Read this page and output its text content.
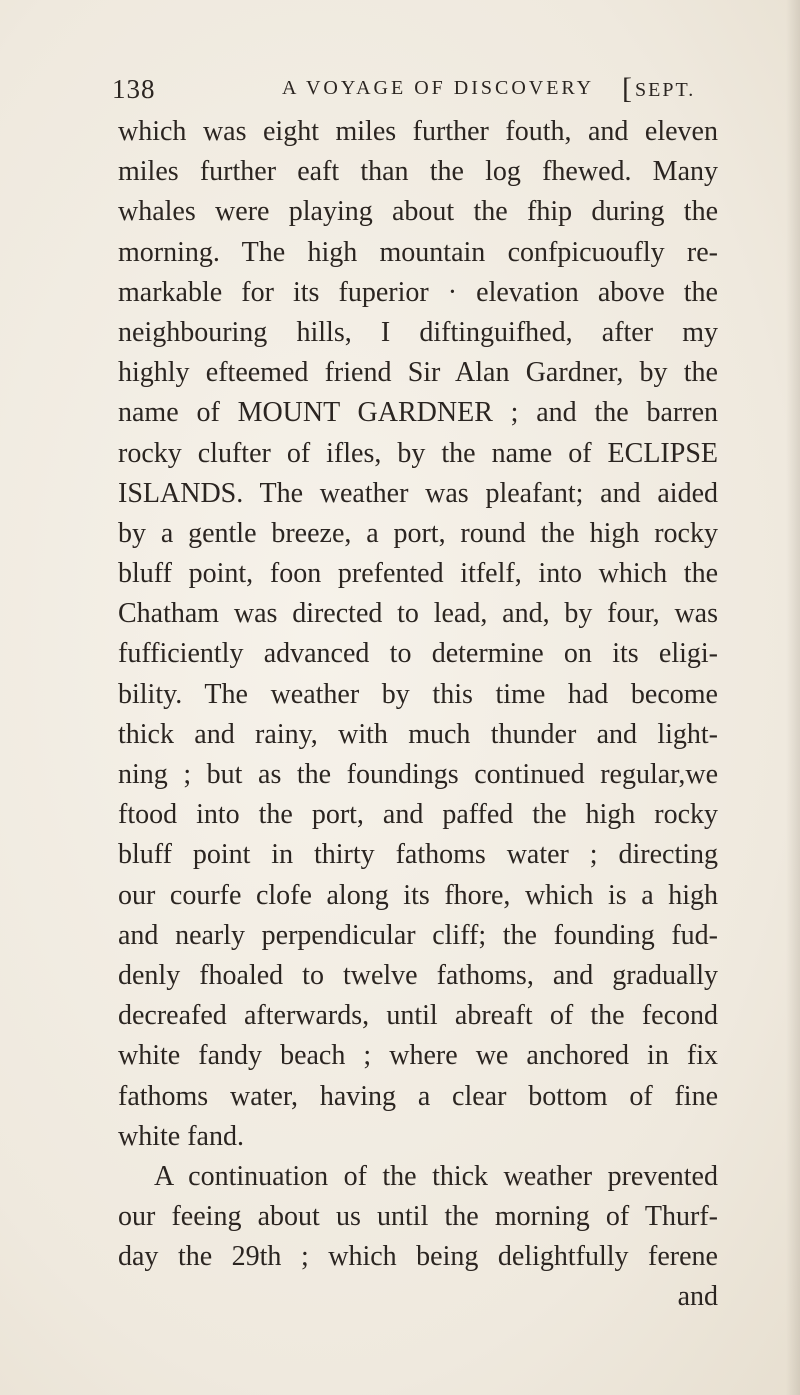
138	A VOYAGE OF DISCOVERY [ SEPT.
which was eight miles further fouth, and eleven
miles further eaft than the log fhewed. Many
whales were playing about the fhip during the
morning. The high mountain confpicuoufly re-
markable for its fuperior · elevation above the
neighbouring hills, I diftinguifhed, after my
highly efteemed friend Sir Alan Gardner, by the
name of MOUNT GARDNER ; and the barren
rocky clufter of ifles, by the name of ECLIPSE
ISLANDS. The weather was pleafant; and aided
by a gentle breeze, a port, round the high rocky
bluff point, foon prefented itfelf, into which the
Chatham was directed to lead, and, by four, was
fufficiently advanced to determine on its eligi-
bility. The weather by this time had become
thick and rainy, with much thunder and light-
ning ; but as the foundings continued regular,we
ftood into the port, and paffed the high rocky
bluff point in thirty fathoms water ; directing
our courfe clofe along its fhore, which is a high
and nearly perpendicular cliff; the founding fud-
denly fhoaled to twelve fathoms, and gradually
decreafed afterwards, until abreaft of the fecond
white fandy beach ; where we anchored in fix
fathoms water, having a clear bottom of fine
white fand.
A continuation of the thick weather prevented
our feeing about us until the morning of Thurf-
day the 29th ; which being delightfully ferene
and
